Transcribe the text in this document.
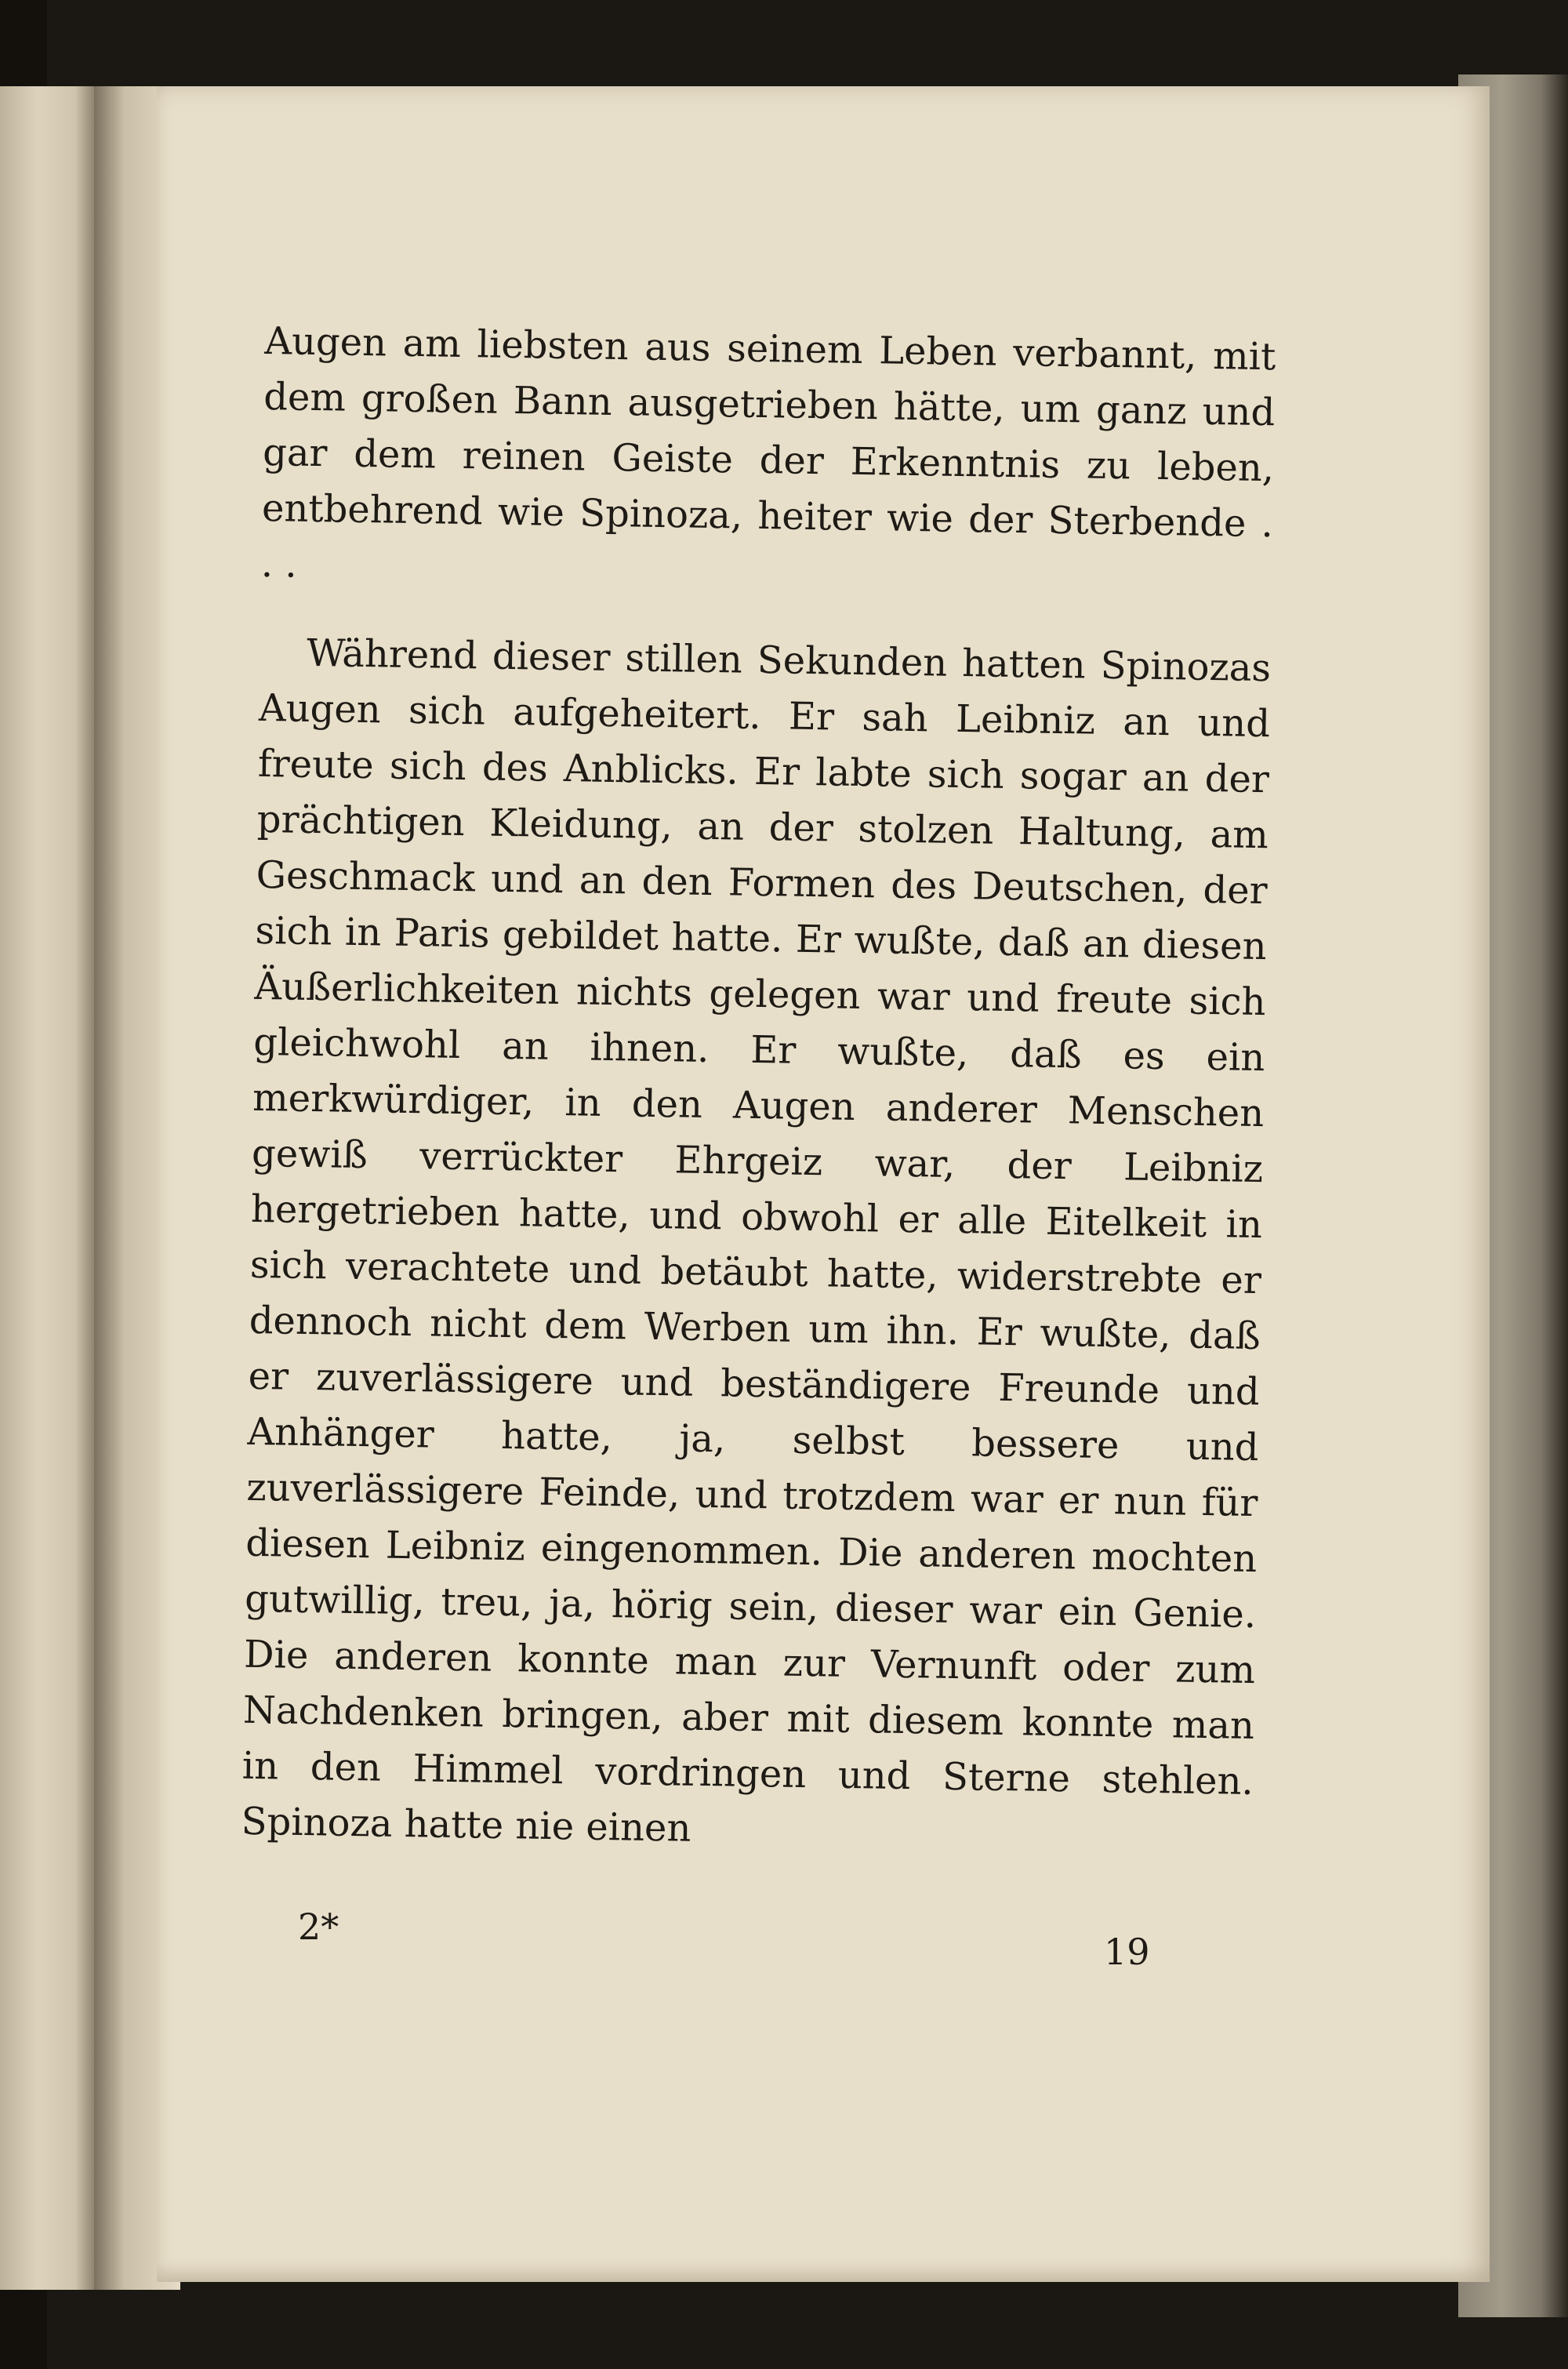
Augen am liebsten aus seinem Leben verbannt, mit dem großen Bann ausgetrieben hätte, um ganz und gar dem reinen Geiste der Erkenntnis zu leben, entbehrend wie Spinoza, heiter wie der Sterbende . . .

Während dieser stillen Sekunden hatten Spinozas Augen sich aufgeheitert. Er sah Leibniz an und freute sich des Anblicks. Er labte sich sogar an der prächtigen Kleidung, an der stolzen Haltung, am Geschmack und an den Formen des Deutschen, der sich in Paris gebildet hatte. Er wußte, daß an diesen Äußerlichkeiten nichts gelegen war und freute sich gleichwohl an ihnen. Er wußte, daß es ein merkwürdiger, in den Augen anderer Menschen gewiß verrückter Ehrgeiz war, der Leibniz hergetrieben hatte, und obwohl er alle Eitelkeit in sich verachtete und betäubt hatte, widerstrebte er dennoch nicht dem Werben um ihn. Er wußte, daß er zuverlässigere und beständigere Freunde und Anhänger hatte, ja, selbst bessere und zuverlässigere Feinde, und trotzdem war er nun für diesen Leibniz eingenommen. Die anderen mochten gutwillig, treu, ja, hörig sein, dieser war ein Genie. Die anderen konnte man zur Vernunft oder zum Nachdenken bringen, aber mit diesem konnte man in den Himmel vordringen und Sterne stehlen. Spinoza hatte nie einen

2*
19
